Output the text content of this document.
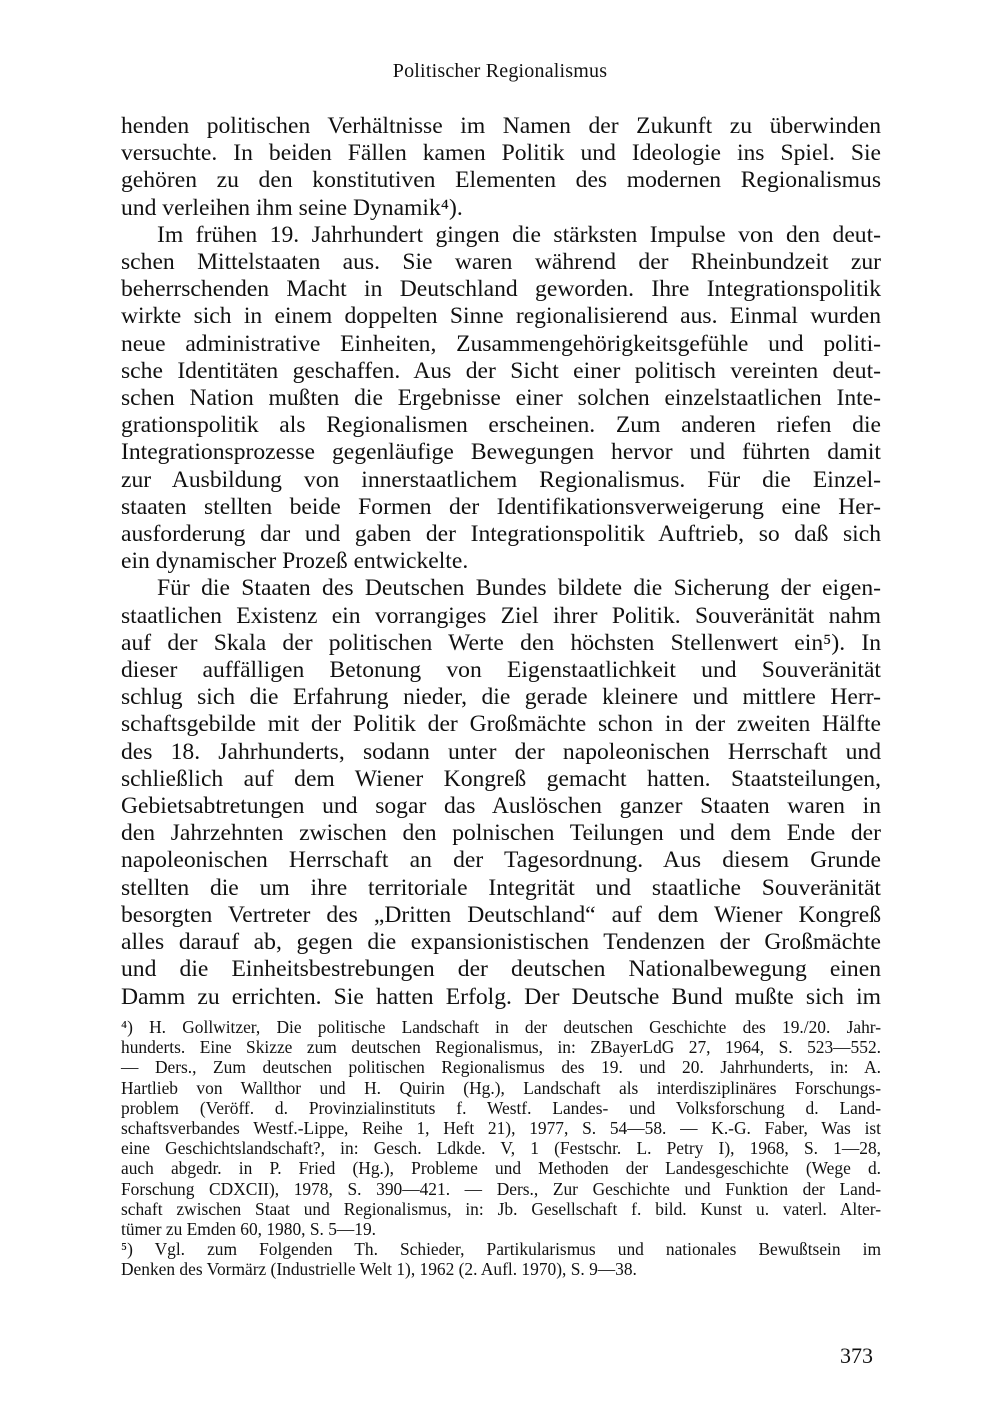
Politischer Regionalismus
henden politischen Verhältnisse im Namen der Zukunft zu überwinden
versuchte. In beiden Fällen kamen Politik und Ideologie ins Spiel. Sie
gehören zu den konstitutiven Elementen des modernen Regionalismus
und verleihen ihm seine Dynamik⁴).
Im frühen 19. Jahrhundert gingen die stärksten Impulse von den deut-
schen Mittelstaaten aus. Sie waren während der Rheinbundzeit zur
beherrschenden Macht in Deutschland geworden. Ihre Integrationspolitik
wirkte sich in einem doppelten Sinne regionalisierend aus. Einmal wurden
neue administrative Einheiten, Zusammengehörigkeitsgefühle und politi-
sche Identitäten geschaffen. Aus der Sicht einer politisch vereinten deut-
schen Nation mußten die Ergebnisse einer solchen einzelstaatlichen Inte-
grationspolitik als Regionalismen erscheinen. Zum anderen riefen die
Integrationsprozesse gegenläufige Bewegungen hervor und führten damit
zur Ausbildung von innerstaatlichem Regionalismus. Für die Einzel-
staaten stellten beide Formen der Identifikationsverweigerung eine Her-
ausforderung dar und gaben der Integrationspolitik Auftrieb, so daß sich
ein dynamischer Prozeß entwickelte.
Für die Staaten des Deutschen Bundes bildete die Sicherung der eigen-
staatlichen Existenz ein vorrangiges Ziel ihrer Politik. Souveränität nahm
auf der Skala der politischen Werte den höchsten Stellenwert ein⁵). In
dieser auffälligen Betonung von Eigenstaatlichkeit und Souveränität
schlug sich die Erfahrung nieder, die gerade kleinere und mittlere Herr-
schaftsgebilde mit der Politik der Großmächte schon in der zweiten Hälfte
des 18. Jahrhunderts, sodann unter der napoleonischen Herrschaft und
schließlich auf dem Wiener Kongreß gemacht hatten. Staatsteilungen,
Gebietsabtretungen und sogar das Auslöschen ganzer Staaten waren in
den Jahrzehnten zwischen den polnischen Teilungen und dem Ende der
napoleonischen Herrschaft an der Tagesordnung. Aus diesem Grunde
stellten die um ihre territoriale Integrität und staatliche Souveränität
besorgten Vertreter des „Dritten Deutschland“ auf dem Wiener Kongreß
alles darauf ab, gegen die expansionistischen Tendenzen der Großmächte
und die Einheitsbestrebungen der deutschen Nationalbewegung einen
Damm zu errichten. Sie hatten Erfolg. Der Deutsche Bund mußte sich im
⁴) H. Gollwitzer, Die politische Landschaft in der deutschen Geschichte des 19./20. Jahr-
hunderts. Eine Skizze zum deutschen Regionalismus, in: ZBayerLdG 27, 1964, S. 523—552.
— Ders., Zum deutschen politischen Regionalismus des 19. und 20. Jahrhunderts, in: A.
Hartlieb von Wallthor und H. Quirin (Hg.), Landschaft als interdisziplinäres Forschungs-
problem (Veröff. d. Provinzialinstituts f. Westf. Landes- und Volksforschung d. Land-
schaftsverbandes Westf.-Lippe, Reihe 1, Heft 21), 1977, S. 54—58. — K.-G. Faber, Was ist
eine Geschichtslandschaft?, in: Gesch. Ldkde. V, 1 (Festschr. L. Petry I), 1968, S. 1—28,
auch abgedr. in P. Fried (Hg.), Probleme und Methoden der Landesgeschichte (Wege d.
Forschung CDXCII), 1978, S. 390—421. — Ders., Zur Geschichte und Funktion der Land-
schaft zwischen Staat und Regionalismus, in: Jb. Gesellschaft f. bild. Kunst u. vaterl. Alter-
tümer zu Emden 60, 1980, S. 5—19.
⁵) Vgl. zum Folgenden Th. Schieder, Partikularismus und nationales Bewußtsein im
Denken des Vormärz (Industrielle Welt 1), 1962 (2. Aufl. 1970), S. 9—38.
373
